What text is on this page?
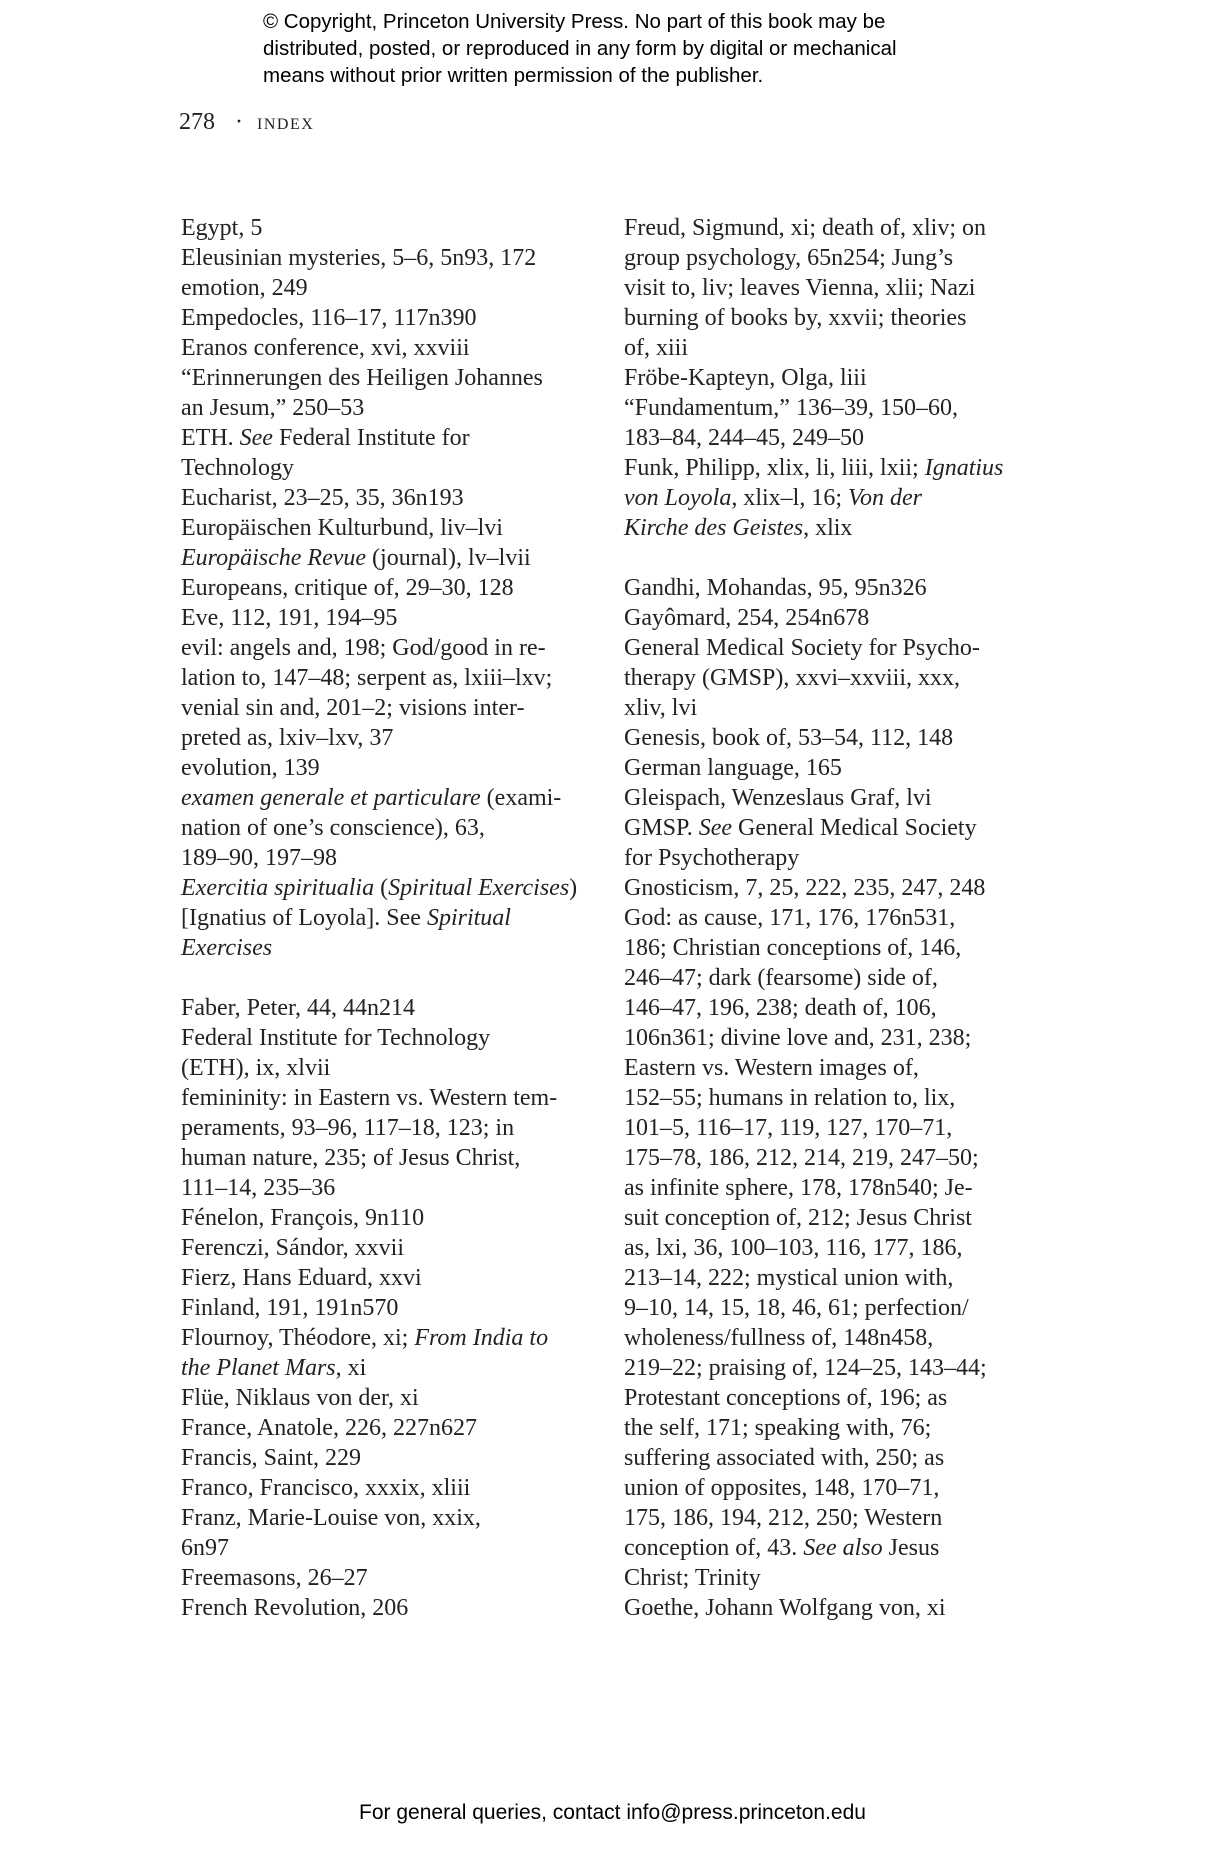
© Copyright, Princeton University Press. No part of this book may be
distributed, posted, or reproduced in any form by digital or mechanical
means without prior written permission of the publisher.
278 · index
Egypt, 5
Eleusinian mysteries, 5–6, 5n93, 172
emotion, 249
Empedocles, 116–17, 117n390
Eranos conference, xvi, xxviii
“Erinnerungen des Heiligen Johannes
an Jesum,” 250–53
ETH. See Federal Institute for
Technology
Eucharist, 23–25, 35, 36n193
Europäischen Kulturbund, liv–lvi
Europäische Revue (journal), lv–lvii
Europeans, critique of, 29–30, 128
Eve, 112, 191, 194–95
evil: angels and, 198; God/good in re-
lation to, 147–48; serpent as, lxiii–lxv;
venial sin and, 201–2; visions inter-
preted as, lxiv–lxv, 37
evolution, 139
examen generale et particulare (exami-
nation of one’s conscience), 63,
189–90, 197–98
Exercitia spiritualia (Spiritual Exercises)
[Ignatius of Loyola]. See Spiritual
Exercises
Faber, Peter, 44, 44n214
Federal Institute for Technology
(ETH), ix, xlvii
femininity: in Eastern vs. Western tem-
peraments, 93–96, 117–18, 123; in
human nature, 235; of Jesus Christ,
111–14, 235–36
Fénelon, François, 9n110
Ferenczi, Sándor, xxvii
Fierz, Hans Eduard, xxvi
Finland, 191, 191n570
Flournoy, Théodore, xi; From India to
the Planet Mars, xi
Flüe, Niklaus von der, xi
France, Anatole, 226, 227n627
Francis, Saint, 229
Franco, Francisco, xxxix, xliii
Franz, Marie-Louise von, xxix,
6n97
Freemasons, 26–27
French Revolution, 206
Freud, Sigmund, xi; death of, xliv; on
group psychology, 65n254; Jung’s
visit to, liv; leaves Vienna, xlii; Nazi
burning of books by, xxvii; theories
of, xiii
Fröbe-Kapteyn, Olga, liii
“Fundamentum,” 136–39, 150–60,
183–84, 244–45, 249–50
Funk, Philipp, xlix, li, liii, lxii; Ignatius
von Loyola, xlix–l, 16; Von der
Kirche des Geistes, xlix
Gandhi, Mohandas, 95, 95n326
Gayômard, 254, 254n678
General Medical Society for Psycho-
therapy (GMSP), xxvi–xxviii, xxx,
xliv, lvi
Genesis, book of, 53–54, 112, 148
German language, 165
Gleispach, Wenzeslaus Graf, lvi
GMSP. See General Medical Society
for Psychotherapy
Gnosticism, 7, 25, 222, 235, 247, 248
God: as cause, 171, 176, 176n531,
186; Christian conceptions of, 146,
246–47; dark (fearsome) side of,
146–47, 196, 238; death of, 106,
106n361; divine love and, 231, 238;
Eastern vs. Western images of,
152–55; humans in relation to, lix,
101–5, 116–17, 119, 127, 170–71,
175–78, 186, 212, 214, 219, 247–50;
as infinite sphere, 178, 178n540; Je-
suit conception of, 212; Jesus Christ
as, lxi, 36, 100–103, 116, 177, 186,
213–14, 222; mystical union with,
9–10, 14, 15, 18, 46, 61; perfection/
wholeness/fullness of, 148n458,
219–22; praising of, 124–25, 143–44;
Protestant conceptions of, 196; as
the self, 171; speaking with, 76;
suffering associated with, 250; as
union of opposites, 148, 170–71,
175, 186, 194, 212, 250; Western
conception of, 43. See also Jesus
Christ; Trinity
Goethe, Johann Wolfgang von, xi
For general queries, contact info@press.princeton.edu
